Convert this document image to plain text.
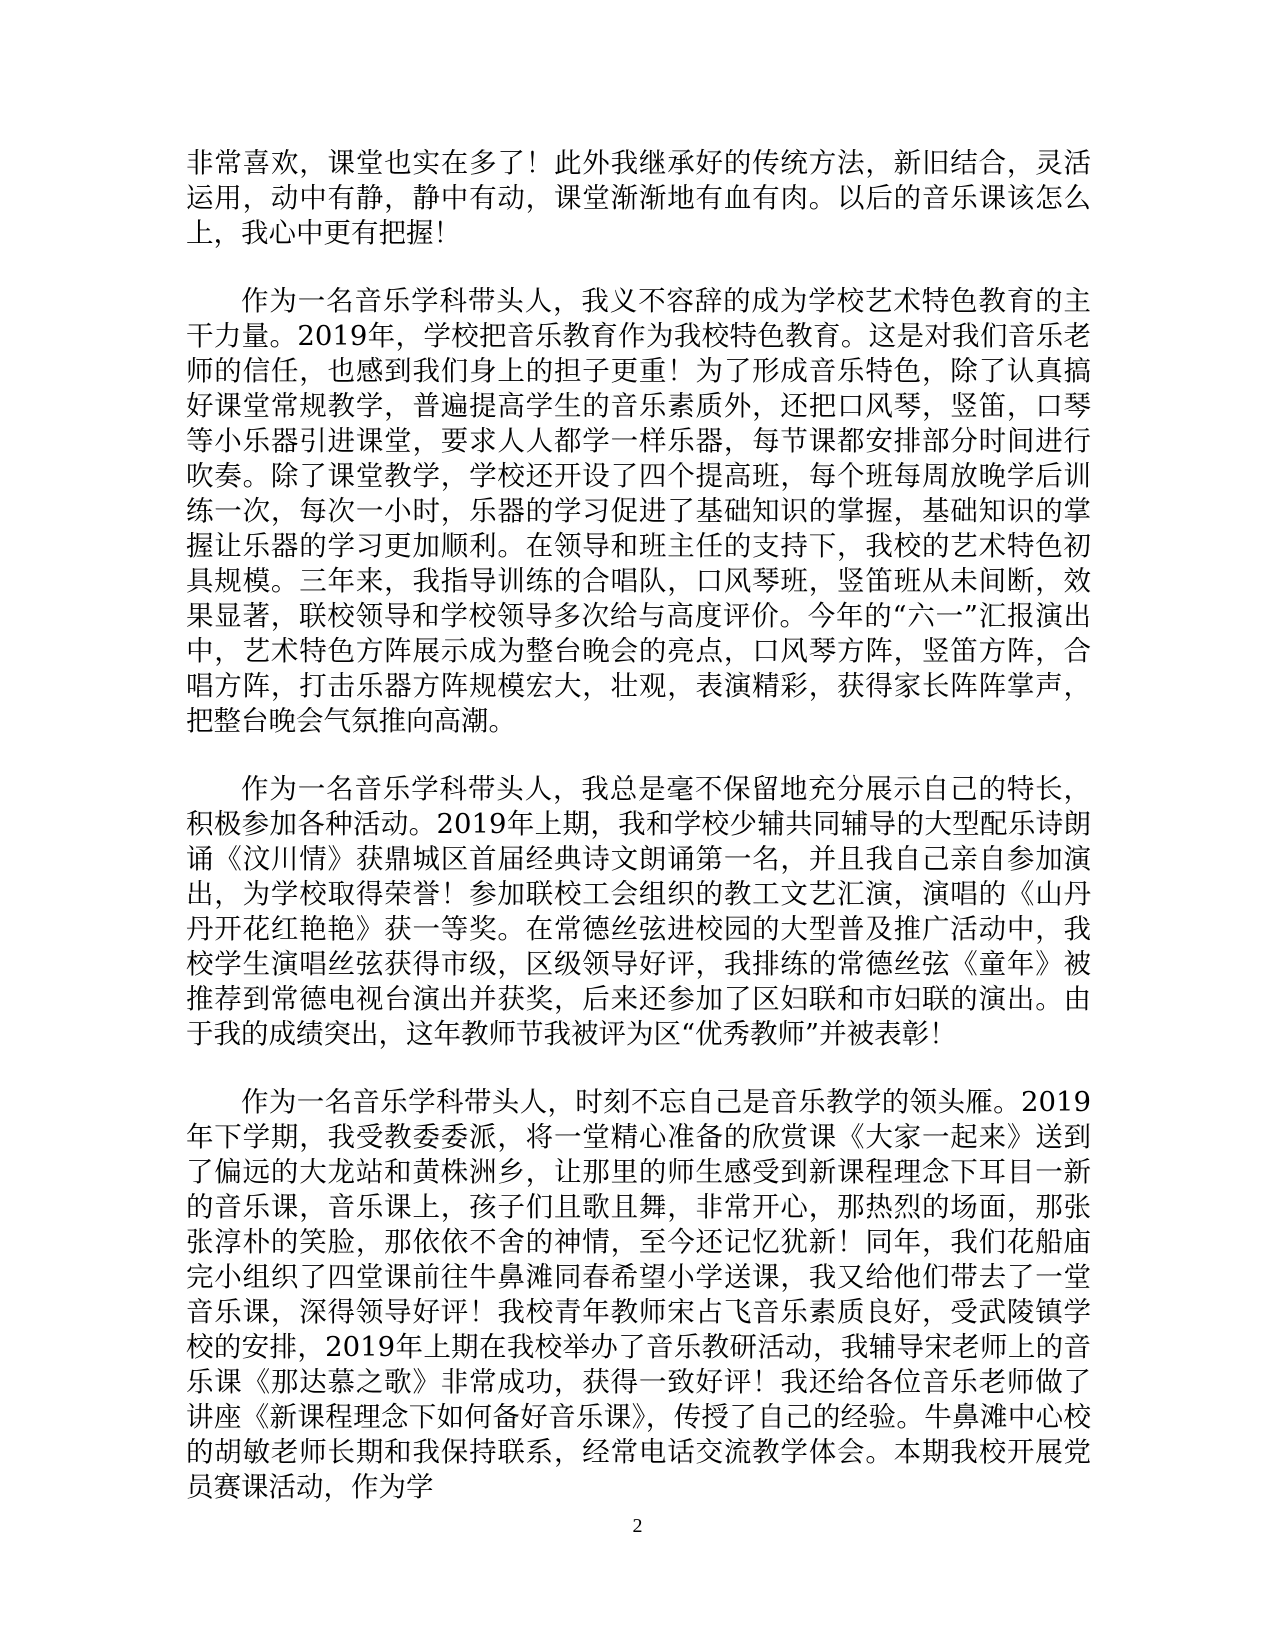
非常喜欢，课堂也实在多了！此外我继承好的传统方法，新旧结合，灵活运用，动中有静，静中有动，课堂渐渐地有血有肉。以后的音乐课该怎么上，我心中更有把握！

作为一名音乐学科带头人，我义不容辞的成为学校艺术特色教育的主干力量。2019年，学校把音乐教育作为我校特色教育。这是对我们音乐老师的信任，也感到我们身上的担子更重！为了形成音乐特色，除了认真搞好课堂常规教学，普遍提高学生的音乐素质外，还把口风琴，竖笛，口琴等小乐器引进课堂，要求人人都学一样乐器，每节课都安排部分时间进行吹奏。除了课堂教学，学校还开设了四个提高班，每个班每周放晚学后训练一次，每次一小时，乐器的学习促进了基础知识的掌握，基础知识的掌握让乐器的学习更加顺利。在领导和班主任的支持下，我校的艺术特色初具规模。三年来，我指导训练的合唱队，口风琴班，竖笛班从未间断，效果显著，联校领导和学校领导多次给与高度评价。今年的“六一”汇报演出中，艺术特色方阵展示成为整台晚会的亮点，口风琴方阵，竖笛方阵，合唱方阵，打击乐器方阵规模宏大，壮观，表演精彩，获得家长阵阵掌声，把整台晚会气氛推向高潮。

作为一名音乐学科带头人，我总是毫不保留地充分展示自己的特长，积极参加各种活动。2019年上期，我和学校少辅共同辅导的大型配乐诗朗诵《汶川情》获鼎城区首届经典诗文朗诵第一名，并且我自己亲自参加演出，为学校取得荣誉！参加联校工会组织的教工文艺汇演，演唱的《山丹丹开花红艳艳》获一等奖。在常德丝弦进校园的大型普及推广活动中，我校学生演唱丝弦获得市级，区级领导好评，我排练的常德丝弦《童年》被推荐到常德电视台演出并获奖，后来还参加了区妇联和市妇联的演出。由于我的成绩突出，这年教师节我被评为区“优秀教师”并被表彰！

作为一名音乐学科带头人，时刻不忘自己是音乐教学的领头雁。2019年下学期，我受教委委派，将一堂精心准备的欣赏课《大家一起来》送到了偏远的大龙站和黄株洲乡，让那里的师生感受到新课程理念下耳目一新的音乐课，音乐课上，孩子们且歌且舞，非常开心，那热烈的场面，那张张淳朴的笑脸，那依依不舍的神情，至今还记忆犹新！同年，我们花船庙完小组织了四堂课前往牛鼻滩同春希望小学送课，我又给他们带去了一堂音乐课，深得领导好评！我校青年教师宋占飞音乐素质良好，受武陵镇学校的安排，2019年上期在我校举办了音乐教研活动，我辅导宋老师上的音乐课《那达慕之歌》非常成功，获得一致好评！我还给各位音乐老师做了讲座《新课程理念下如何备好音乐课》，传授了自己的经验。牛鼻滩中心校的胡敏老师长期和我保持联系，经常电话交流教学体会。本期我校开展党员赛课活动，作为学

2
